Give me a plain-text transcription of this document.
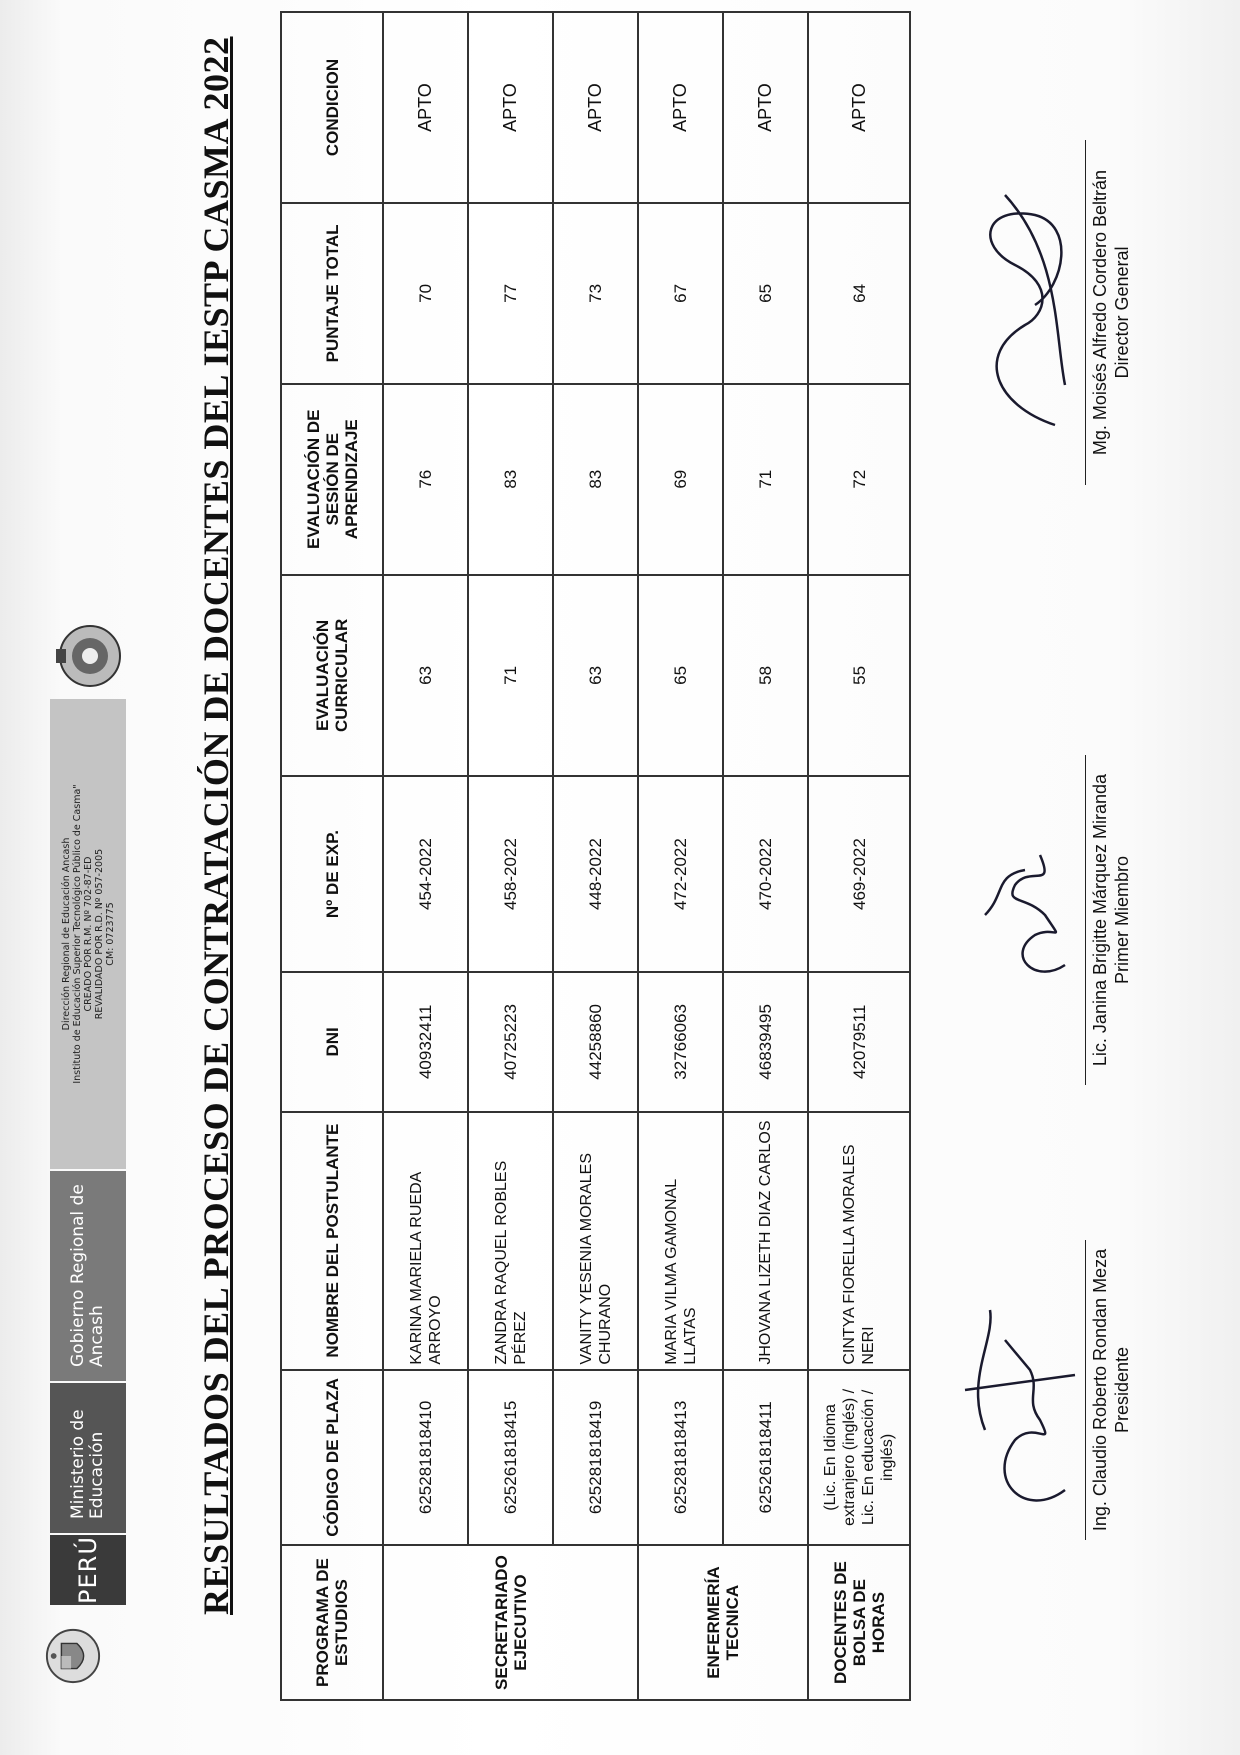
PERÚ
Ministerio de Educación
Gobierno Regional de Ancash
Dirección Regional de Educación Ancash Instituto de Educación Superior Tecnológico Público de Casma" CREADO POR R.M. Nº 702-87-ED REVALIDADO POR R.D. Nº 057-2005 CM: 0723775 RESULTADOS DEL PROCESO DE CONTRATACIÓN DE DOCENTES DEL IESTP CASMA 2022
PROGRAMA DE ESTUDIOS	CÓDIGO DE PLAZA	NOMBRE DEL POSTULANTE	DNI	Nº DE EXP.	EVALUACIÓN CURRICULAR	EVALUACIÓN DE SESIÓN DE APRENDIZAJE	PUNTAJE TOTAL	CONDICION
SECRETARIADO EJECUTIVO	625281818410	KARINA MARIELA RUEDA ARROYO	40932411	454-2022	63	76	70	APTO
	625261818415	ZANDRA RAQUEL ROBLES PÉREZ	40725223	458-2022	71	83	77	APTO
	625281818419	VANITY YESENIA MORALES CHURANO	44258860	448-2022	63	83	73	APTO
ENFERMERÍA TECNICA	625281818413	MARIA VILMA GAMONAL LLATAS	32766063	472-2022	65	69	67	APTO
	625261818411	JHOVANA LIZETH DIAZ CARLOS	46839495	470-2022	58	71	65	APTO
DOCENTES DE BOLSA DE HORAS	(Lic. En Idioma extranjero (inglés) / Lic. En educación / inglés)	CINTYA FIORELLA MORALES NERI	42079511	469-2022	55	72	64	APTO
Ing. Claudio Roberto Rondan Meza Presidente
Lic. Janina Brigitte Márquez Miranda Primer Miembro
Mg. Moisés Alfredo Cordero Beltrán Director General
